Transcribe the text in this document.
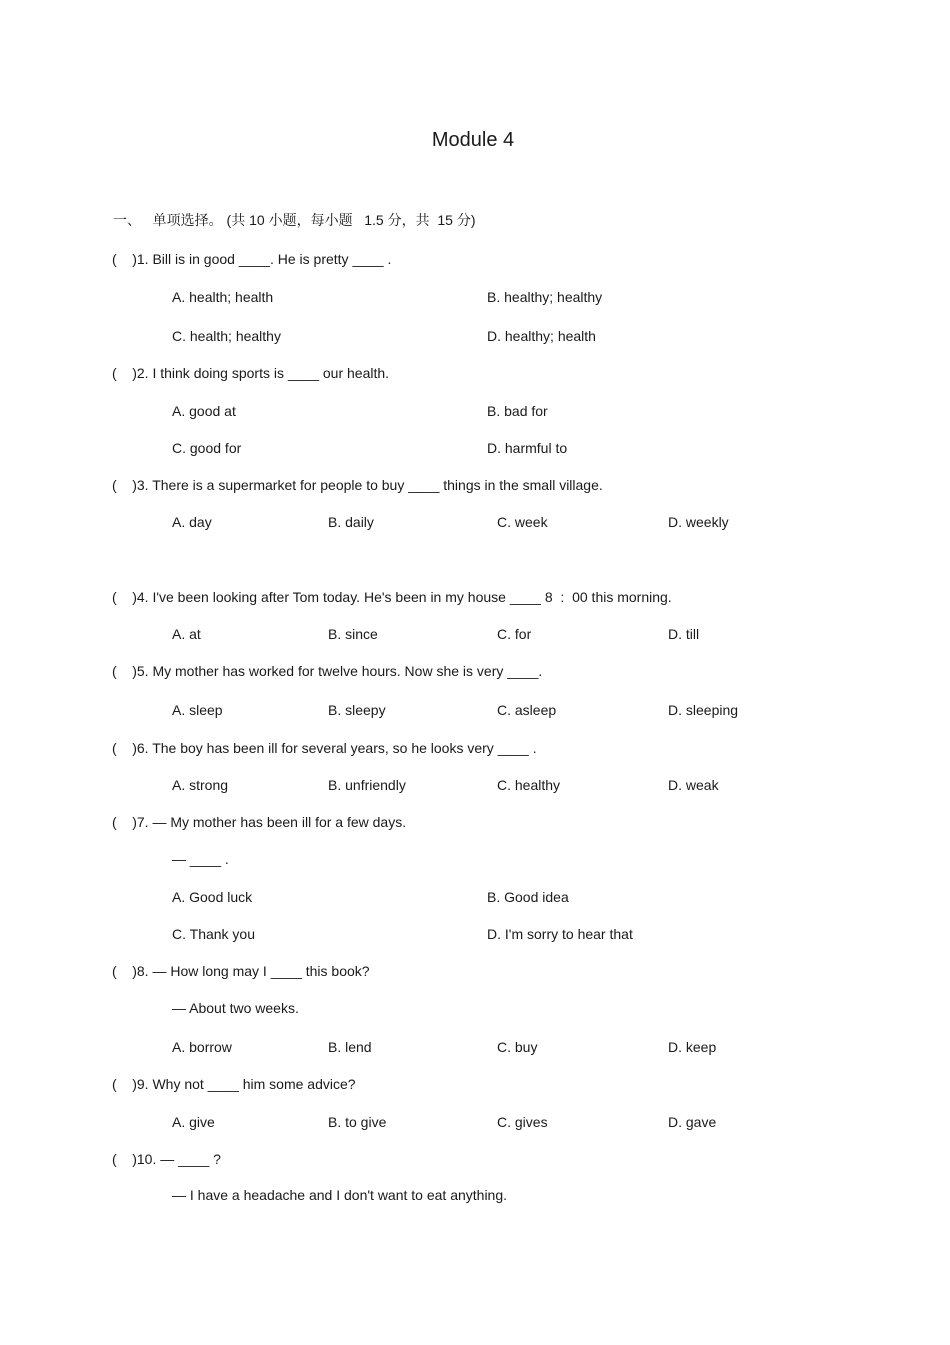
Module 4
一、   单项选择。 (共 10 小题，每小题   1.5 分，共  15 分)
(    )1. Bill is in good ____. He is pretty ____ .
A. health; health	B. healthy; healthy
C. health; healthy	D. healthy; health
(    )2. I think doing sports is ____ our health.
A. good at	B. bad for
C. good for	D. harmful to
(    )3. There is a supermarket for people to buy ____ things in the small village.
A. day	B. daily	C. week	D. weekly
(    )4. I've been looking after Tom today. He's been in my house ____ 8  :  00 this morning.
A. at	B. since	C. for	D. till
(    )5. My mother has worked for twelve hours. Now she is very ____.
A. sleep	B. sleepy	C. asleep	D. sleeping
(    )6. The boy has been ill for several years, so he looks very ____ .
A. strong	B. unfriendly	C. healthy	D. weak
(    )7. — My mother has been ill for a few days.
— ____ .
A. Good luck	B. Good idea
C. Thank you	D. I'm sorry to hear that
(    )8. — How long may I ____ this book?
— About two weeks.
A. borrow	B. lend	C. buy	D. keep
(    )9. Why not ____ him some advice?
A. give	B. to give	C. gives	D. gave
(    )10. — ____ ?
— I have a headache and I don't want to eat anything.
